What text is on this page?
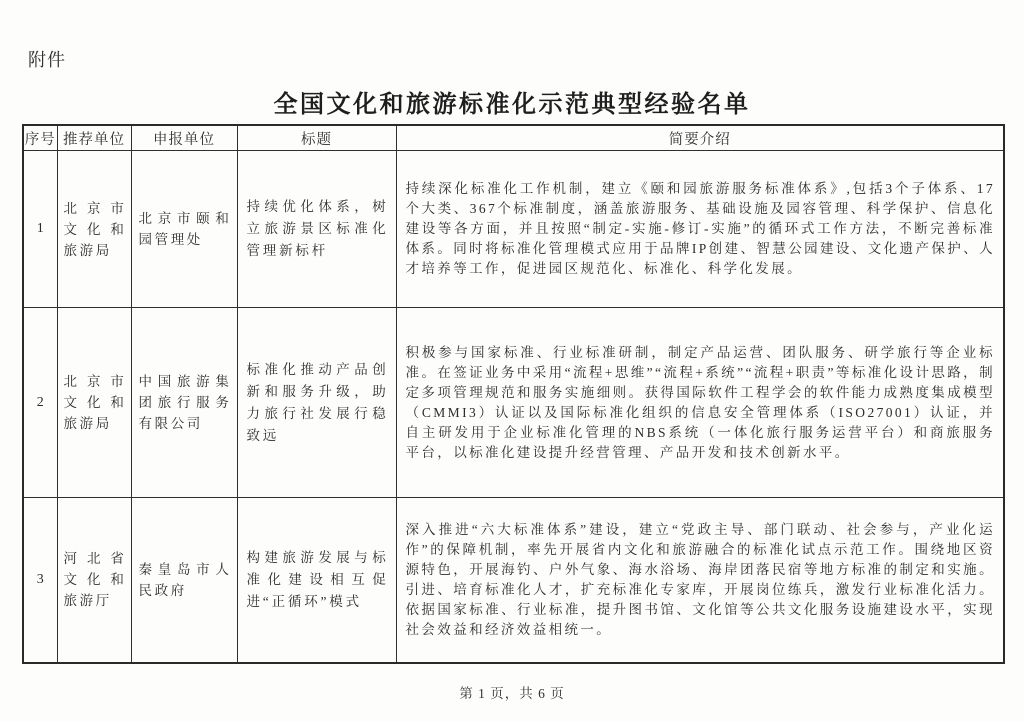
附件
全国文化和旅游标准化示范典型经验名单
序号	推荐单位	申报单位	标题	简要介绍
1	北京市文化和旅游局	北京市颐和园管理处	持续优化体系，树立旅游景区标准化管理新标杆	持续深化标准化工作机制，建立《颐和园旅游服务标准体系》,包括3个子体系、17个大类、367个标准制度，涵盖旅游服务、基础设施及园容管理、科学保护、信息化建设等各方面，并且按照“制定-实施-修订-实施”的循环式工作方法，不断完善标准体系。同时将标准化管理模式应用于品牌IP创建、智慧公园建设、文化遗产保护、人才培养等工作，促进园区规范化、标准化、科学化发展。
2	北京市文化和旅游局	中国旅游集团旅行服务有限公司	标准化推动产品创新和服务升级，助力旅行社发展行稳致远	积极参与国家标准、行业标准研制，制定产品运营、团队服务、研学旅行等企业标准。在签证业务中采用“流程+思维”“流程+系统”“流程+职责”等标准化设计思路，制定多项管理规范和服务实施细则。获得国际软件工程学会的软件能力成熟度集成模型（CMMI3）认证以及国际标准化组织的信息安全管理体系（ISO27001）认证，并自主研发用于企业标准化管理的NBS系统（一体化旅行服务运营平台）和商旅服务平台，以标准化建设提升经营管理、产品开发和技术创新水平。
3	河北省文化和旅游厅	秦皇岛市人民政府	构建旅游发展与标准化建设相互促进“正循环”模式	深入推进“六大标准体系”建设，建立“党政主导、部门联动、社会参与，产业化运作”的保障机制，率先开展省内文化和旅游融合的标准化试点示范工作。围绕地区资源特色，开展海钓、户外气象、海水浴场、海岸团落民宿等地方标准的制定和实施。引进、培育标准化人才，扩充标准化专家库，开展岗位练兵，激发行业标准化活力。依据国家标准、行业标准，提升图书馆、文化馆等公共文化服务设施建设水平，实现社会效益和经济效益相统一。
第 1 页，共 6 页
